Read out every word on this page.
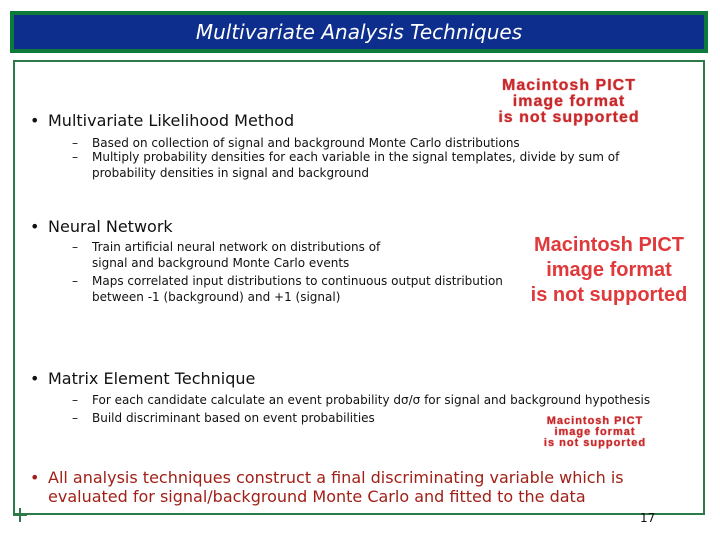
Multivariate Analysis Techniques
Macintosh PICT
image format
is not supported
• Multivariate Likelihood Method
–	Based on collection of signal and background Monte Carlo distributions
–	Multiply probability densities for each variable in the signal templates, divide by sum of probability densities in signal and background
• Neural Network
–	Train artificial neural network on distributions of signal and background Monte Carlo events
–	Maps correlated input distributions to continuous output distribution between -1 (background) and +1 (signal)
Macintosh PICT
image format
is not supported
• Matrix Element Technique
–	For each candidate calculate an event probability dσ/σ for signal and background hypothesis
–	Build discriminant based on event probabilities	Macintosh PICT
image format
is not supported
• All analysis techniques construct a final discriminating variable which is evaluated for signal/background Monte Carlo and fitted to the data
17
